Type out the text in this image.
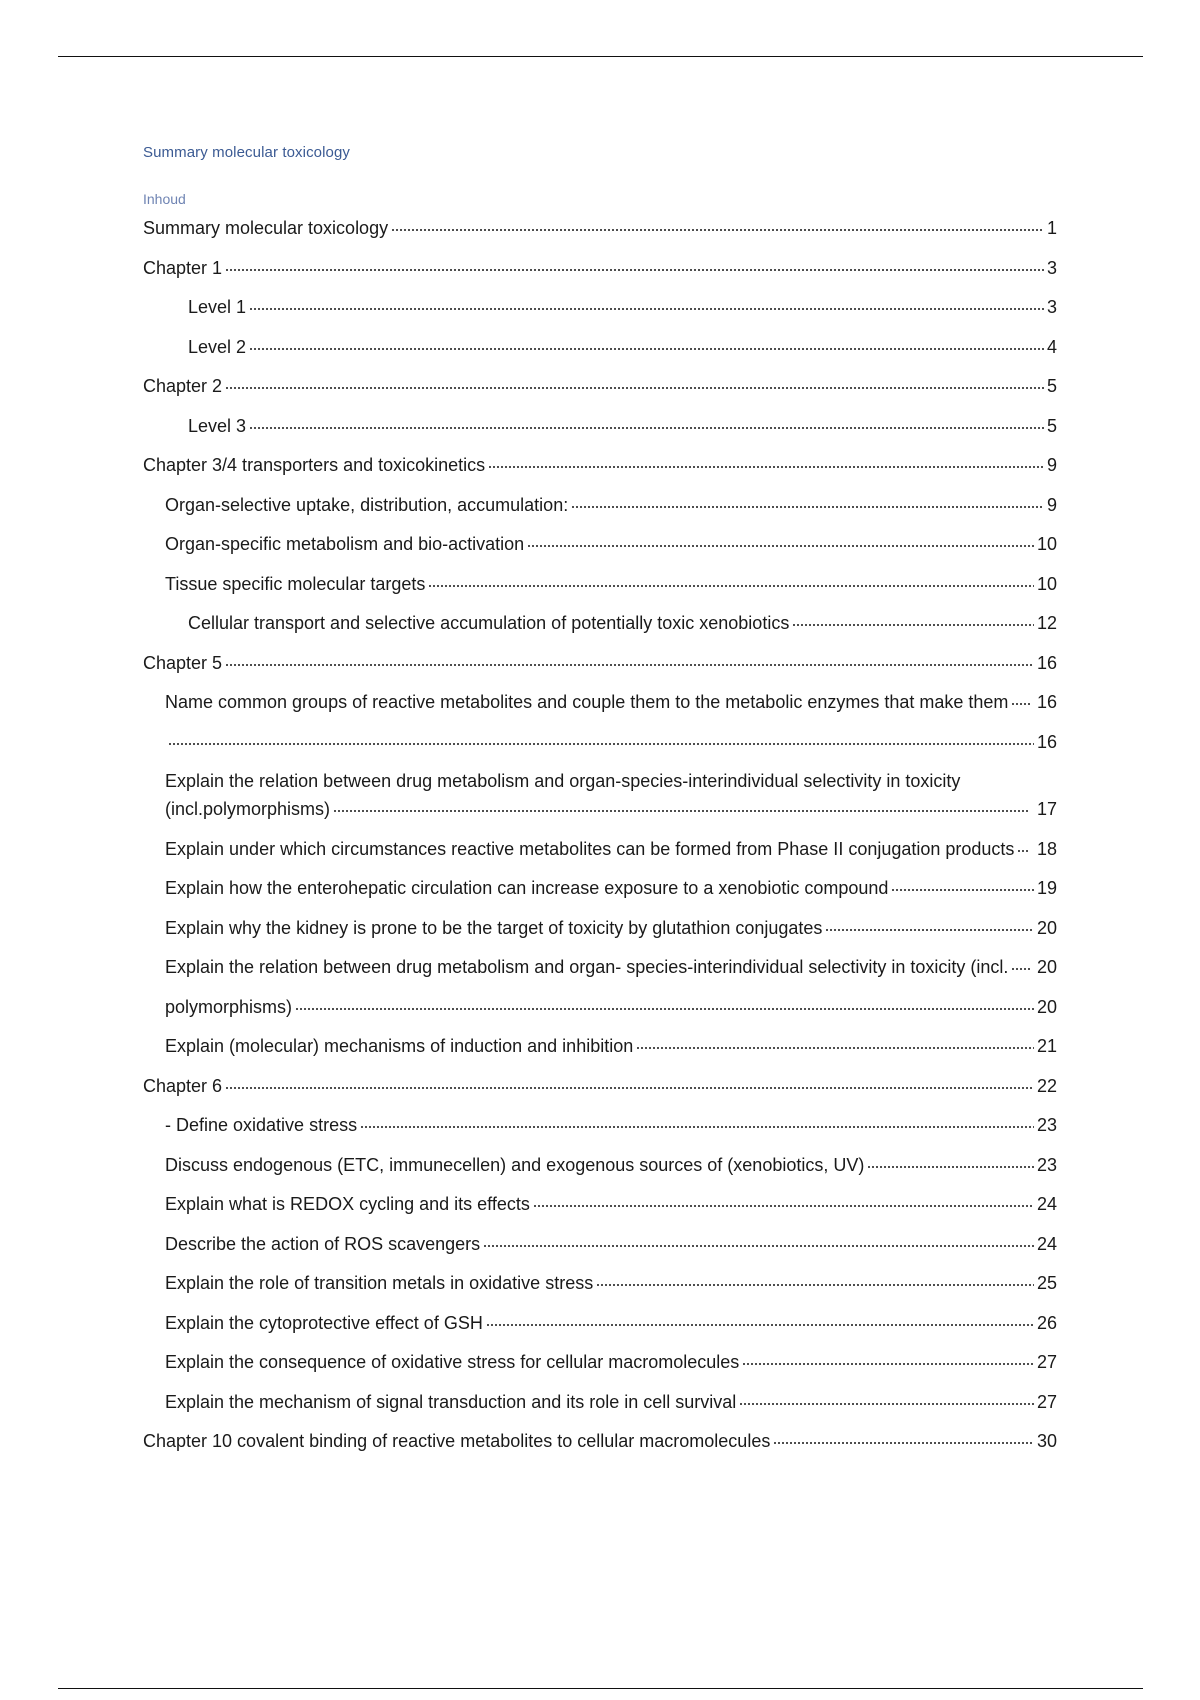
Summary molecular toxicology
Inhoud
Summary molecular toxicology	1
Chapter 1	3
Level 1	3
Level 2	4
Chapter 2	5
Level 3	5
Chapter 3/4 transporters and toxicokinetics	9
Organ-selective uptake, distribution, accumulation:	9
Organ-specific metabolism and bio-activation	10
Tissue specific molecular targets	10
Cellular transport and selective accumulation of potentially toxic xenobiotics	12
Chapter 5	16
Name common groups of reactive metabolites and couple them to the metabolic enzymes that make them 16
16
Explain the relation between drug metabolism and organ-species-interindividual selectivity in toxicity (incl.polymorphisms)	17
Explain under which circumstances reactive metabolites can be formed from Phase II conjugation products 18
Explain how the enterohepatic circulation can increase exposure to a xenobiotic compound	19
Explain why the kidney is prone to be the target of toxicity by glutathion conjugates	20
Explain the relation between drug metabolism and organ- species-interindividual selectivity in toxicity (incl. 20
polymorphisms)	20
Explain (molecular) mechanisms of induction and inhibition	21
Chapter 6	22
- Define oxidative stress	23
Discuss endogenous (ETC, immunecellen) and exogenous sources of (xenobiotics, UV)	23
Explain what is REDOX cycling and its effects	24
Describe the action of ROS scavengers	24
Explain the role of transition metals in oxidative stress	25
Explain the cytoprotective effect of GSH	26
Explain the consequence of oxidative stress for cellular macromolecules	27
Explain the mechanism of signal transduction and its role in cell survival	27
Chapter 10 covalent binding of reactive metabolites to cellular macromolecules	30
